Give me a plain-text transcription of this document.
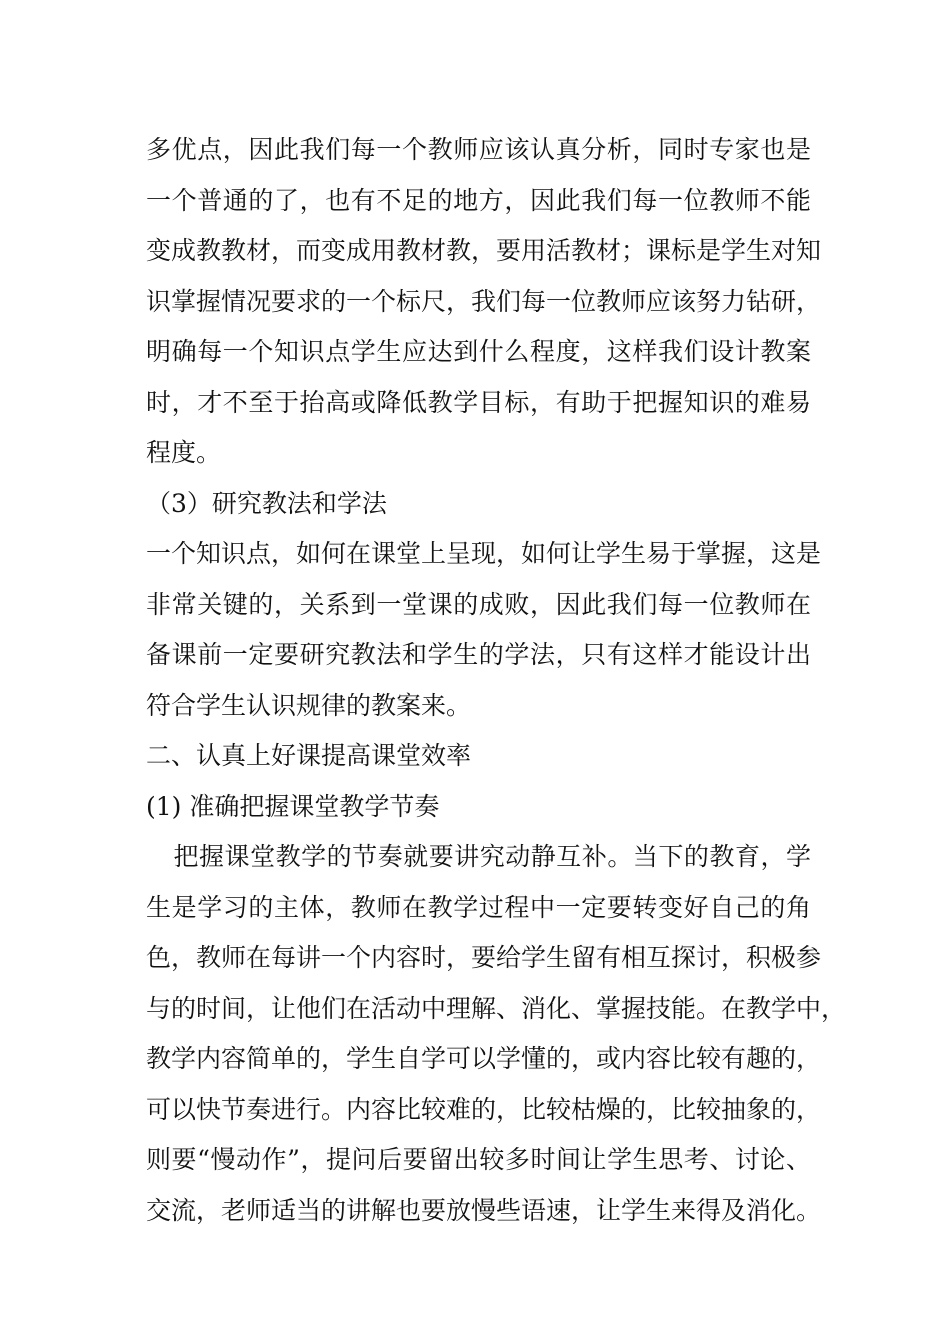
多优点，因此我们每一个教师应该认真分析，同时专家也是
一个普通的了，也有不足的地方，因此我们每一位教师不能
变成教教材，而变成用教材教，要用活教材；课标是学生对知
识掌握情况要求的一个标尺，我们每一位教师应该努力钻研，
明确每一个知识点学生应达到什么程度，这样我们设计教案
时，才不至于抬高或降低教学目标，有助于把握知识的难易
程度。
（3）研究教法和学法
一个知识点，如何在课堂上呈现，如何让学生易于掌握，这是
非常关键的，关系到一堂课的成败，因此我们每一位教师在
备课前一定要研究教法和学生的学法，只有这样才能设计出
符合学生认识规律的教案来。
二、认真上好课提高课堂效率
(1) 准确把握课堂教学节奏
　把握课堂教学的节奏就要讲究动静互补。当下的教育，学
生是学习的主体，教师在教学过程中一定要转变好自己的角
色，教师在每讲一个内容时，要给学生留有相互探讨，积极参
与的时间，让他们在活动中理解、消化、掌握技能。在教学中，
教学内容简单的，学生自学可以学懂的，或内容比较有趣的，
可以快节奏进行。内容比较难的，比较枯燥的，比较抽象的，
则要“慢动作”，提问后要留出较多时间让学生思考、讨论、
交流，老师适当的讲解也要放慢些语速，让学生来得及消化。
